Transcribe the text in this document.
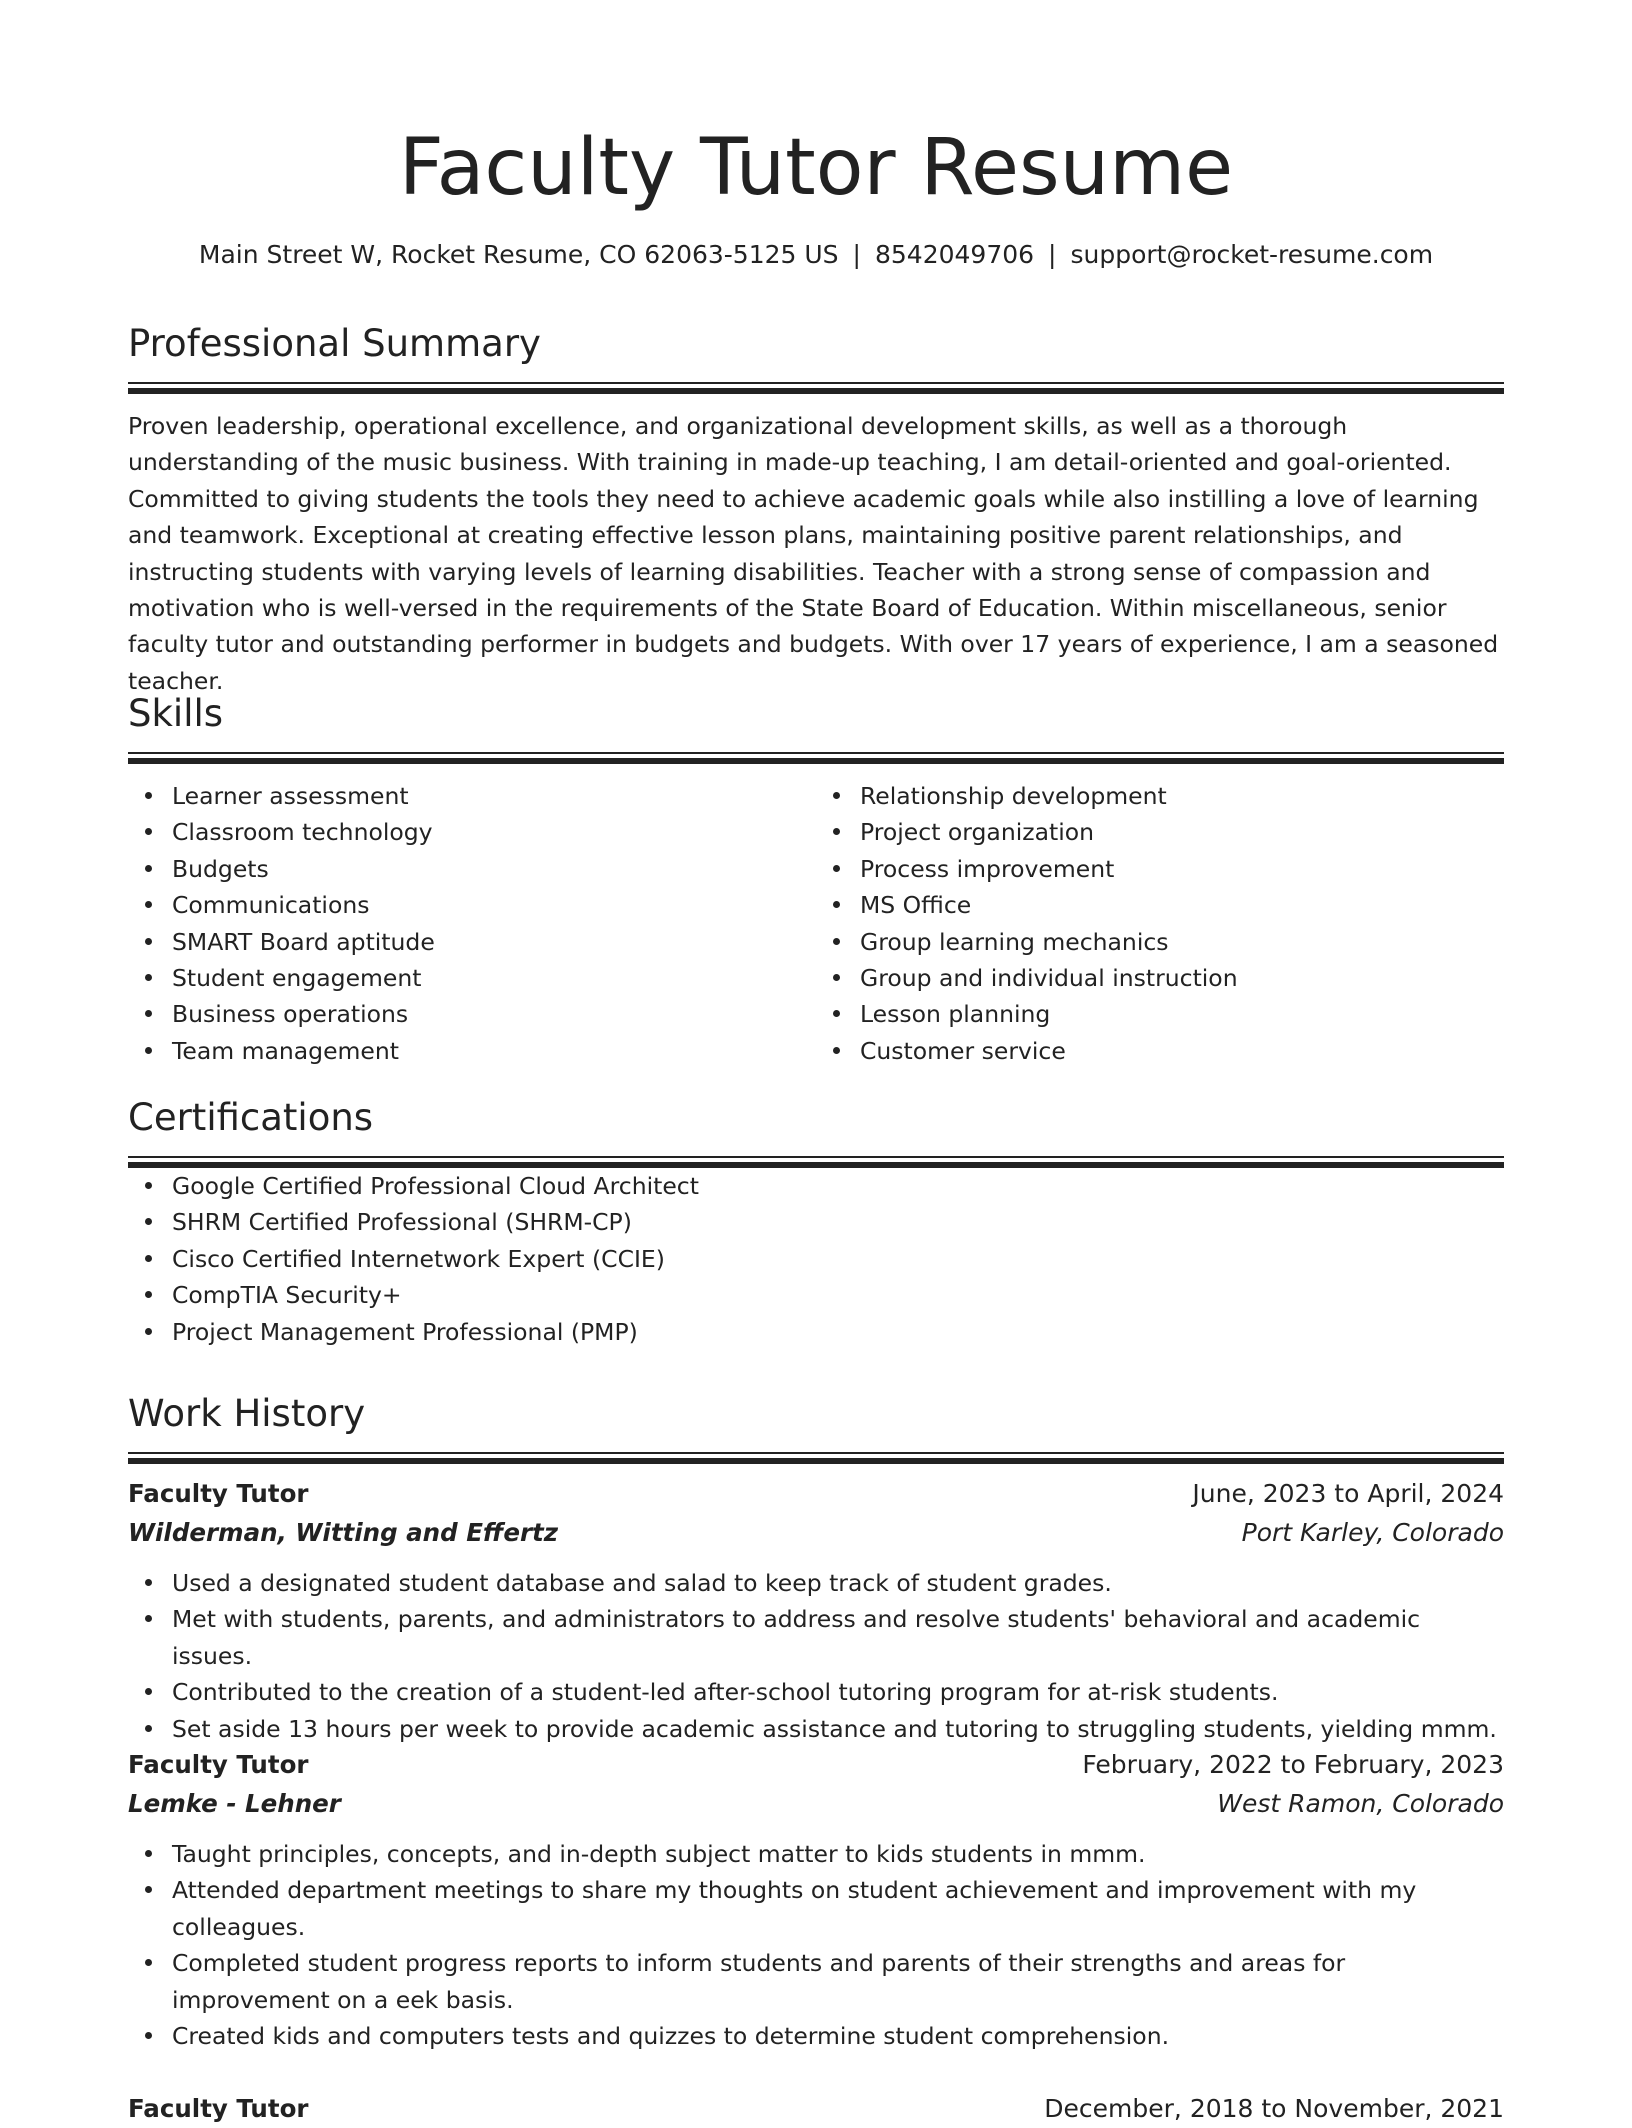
Faculty Tutor Resume
Main Street W, Rocket Resume, CO 62063-5125 US | 8542049706 | support@rocket-resume.com
Professional Summary
Proven leadership, operational excellence, and organizational development skills, as well as a thorough understanding of the music business. With training in made-up teaching, I am detail-oriented and goal-oriented. Committed to giving students the tools they need to achieve academic goals while also instilling a love of learning and teamwork. Exceptional at creating effective lesson plans, maintaining positive parent relationships, and instructing students with varying levels of learning disabilities. Teacher with a strong sense of compassion and motivation who is well-versed in the requirements of the State Board of Education. Within miscellaneous, senior faculty tutor and outstanding performer in budgets and budgets. With over 17 years of experience, I am a seasoned teacher.
Skills
Learner assessment
Classroom technology
Budgets
Communications
SMART Board aptitude
Student engagement
Business operations
Team management
Relationship development
Project organization
Process improvement
MS Office
Group learning mechanics
Group and individual instruction
Lesson planning
Customer service
Certifications
Google Certified Professional Cloud Architect
SHRM Certified Professional (SHRM-CP)
Cisco Certified Internetwork Expert (CCIE)
CompTIA Security+
Project Management Professional (PMP)
Work History
Faculty Tutor	June, 2023 to April, 2024
Wilderman, Witting and Effertz	Port Karley, Colorado
Used a designated student database and salad to keep track of student grades.
Met with students, parents, and administrators to address and resolve students' behavioral and academic issues.
Contributed to the creation of a student-led after-school tutoring program for at-risk students.
Set aside 13 hours per week to provide academic assistance and tutoring to struggling students, yielding mmm.
Faculty Tutor	February, 2022 to February, 2023
Lemke - Lehner	West Ramon, Colorado
Taught principles, concepts, and in-depth subject matter to kids students in mmm.
Attended department meetings to share my thoughts on student achievement and improvement with my colleagues.
Completed student progress reports to inform students and parents of their strengths and areas for improvement on a eek basis.
Created kids and computers tests and quizzes to determine student comprehension.
Faculty Tutor	December, 2018 to November, 2021
